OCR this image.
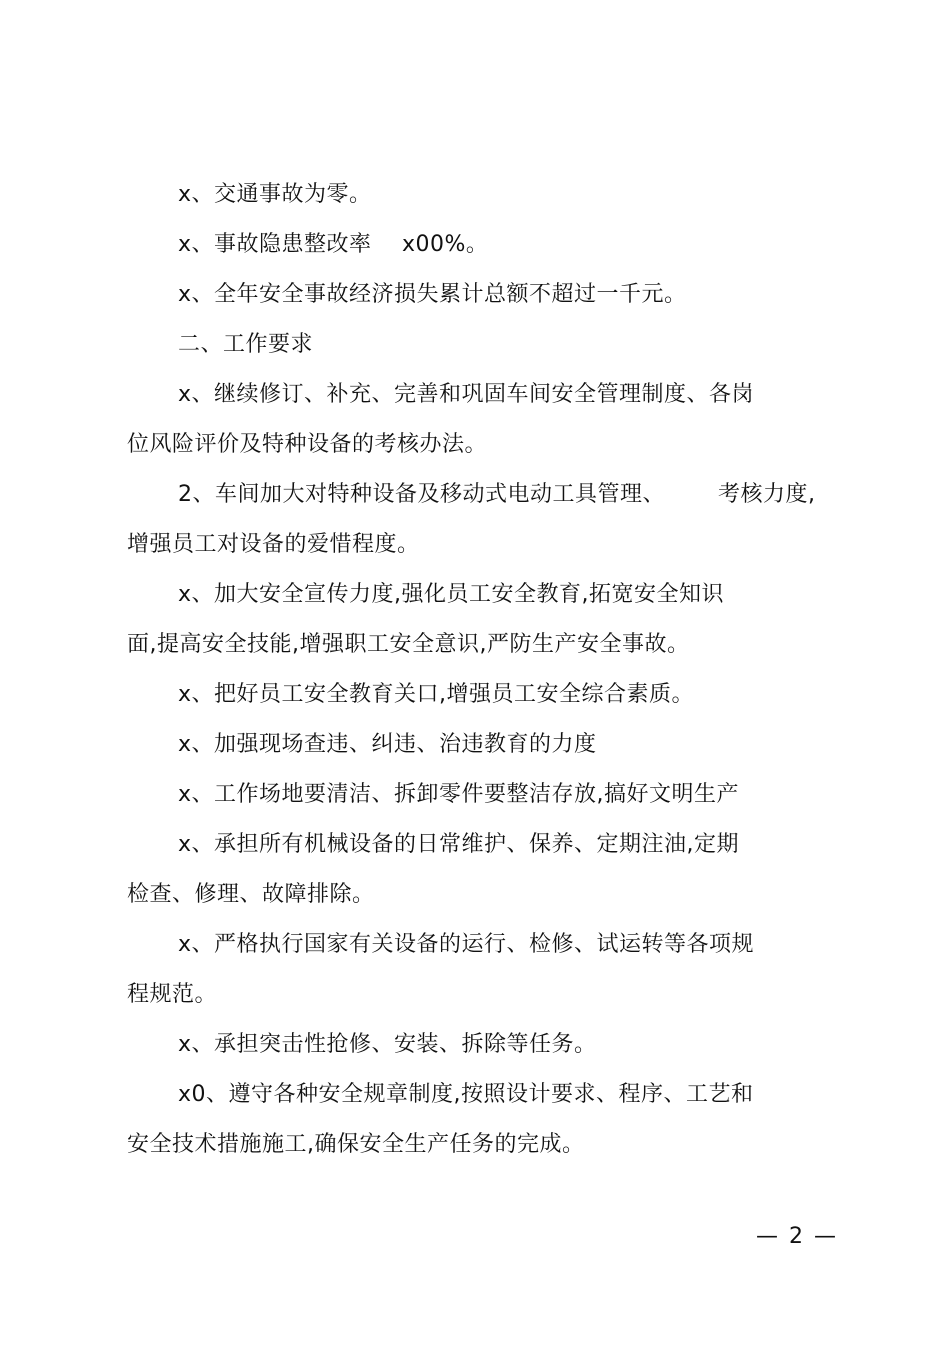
x、交通事故为零。
x、事故隐患整改率 x00%。
x、全年安全事故经济损失累计总额不超过一千元。
二、工作要求
x、继续修订、补充、完善和巩固车间安全管理制度、各岗
位风险评价及特种设备的考核办法。
2、车间加大对特种设备及移动式电动工具管理、 考核力度,
增强员工对设备的爱惜程度。
x、加大安全宣传力度,强化员工安全教育,拓宽安全知识
面,提高安全技能,增强职工安全意识,严防生产安全事故。
x、把好员工安全教育关口,增强员工安全综合素质。
x、加强现场查违、纠违、治违教育的力度
x、工作场地要清洁、拆卸零件要整洁存放,搞好文明生产
x、承担所有机械设备的日常维护、保养、定期注油,定期
检查、修理、故障排除。
x、严格执行国家有关设备的运行、检修、试运转等各项规
程规范。
x、承担突击性抢修、安装、拆除等任务。
x0、遵守各种安全规章制度,按照设计要求、程序、工艺和
安全技术措施施工,确保安全生产任务的完成。
— 2 —
